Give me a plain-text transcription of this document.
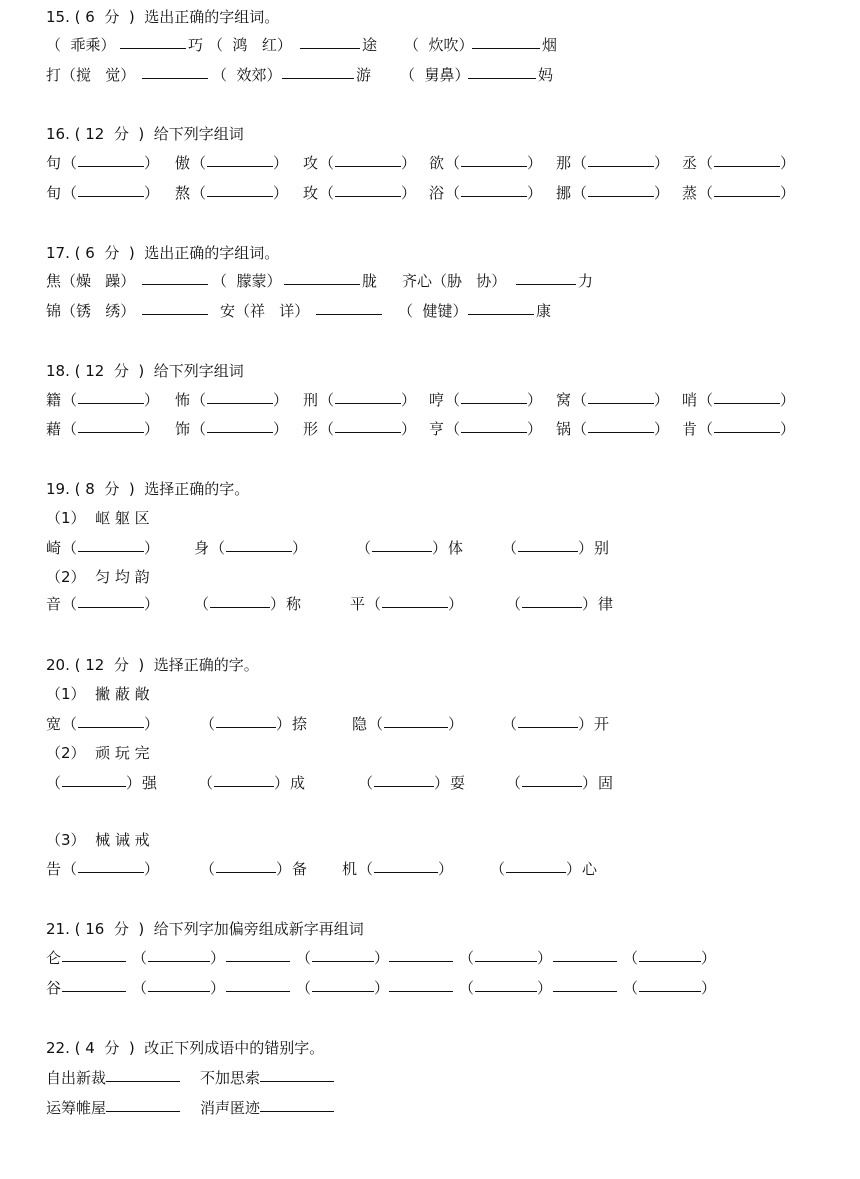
15. ( 6  分  )  选出正确的字组词。
（  乖乘）	巧 （  鸿   红）	途 （  炊吹）	烟
打（搅   觉）	（  效郊）	游 （  舅鼻）	妈
16. ( 12  分  )  给下列字组词
句 （	） 傲 （	） 攻 （	） 欲 （	） 那 （	） 丞 （	）
旬 （	） 熬 （	） 玫 （	） 浴 （	） 挪 （	） 蒸 （	）
17. ( 6  分  )  选出正确的字组词。
焦（燥   躁）	（  朦蒙）	胧 齐心（胁   协）	力
锦（锈   绣）	安（祥   详）	（  健键）	康
18. ( 12  分  )  给下列字组词
籍 （	） 怖 （	） 刑 （	） 哼 （	） 窝 （	） 哨 （	）
藉 （	） 饰 （	） 形 （	） 亨 （	） 锅 （	） 肯 （	）
19. ( 8  分  )  选择正确的字。
（1）  岖 躯 区
崎 （	） 身 （	）	（	） 体	（	） 别
（2）  匀 均 韵
音 （	） （	） 称	平 （	）	（	） 律
20. ( 12  分  )  选择正确的字。
（1）  撇 蔽 敞
宽 （	）	（	） 捺	隐 （	）	（	） 开
（2）  顽 玩 完
（	） 强	（	） 成	（	） 耍	（	） 固
（3）  械 诫 戒
告 （	）	（	） 备 机 （	） （	） 心
21. ( 16  分  )  给下列字加偏旁组成新字再组词
仑	（	）	（	）	（	）	（	）
谷	（	）	（	）	（	）	（	）
22. ( 4  分  )  改正下列成语中的错别字。
自出新裁	不加思索
运筹帷屋	消声匿迹
